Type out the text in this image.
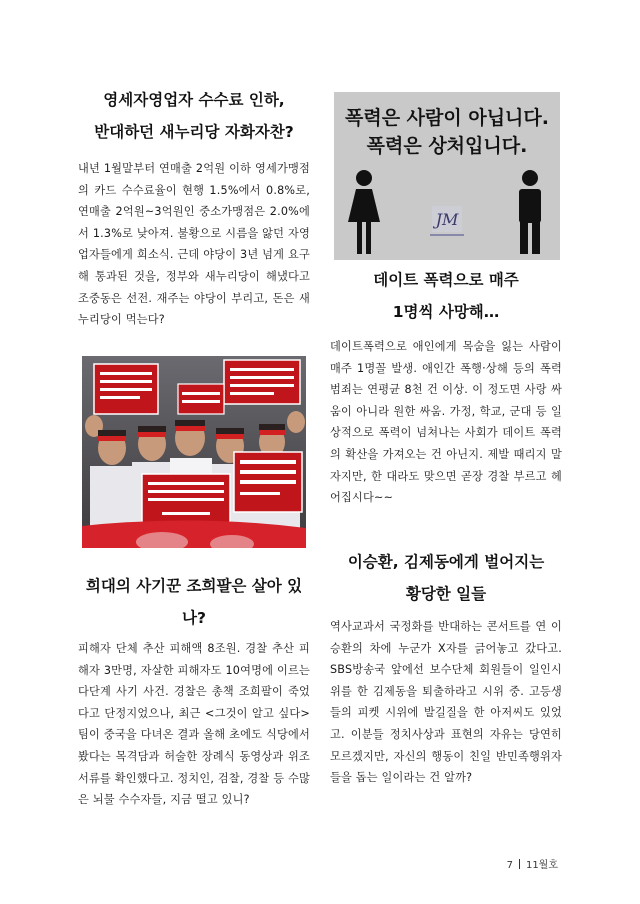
영세자영업자 수수료 인하,
반대하던 새누리당 자화자찬?

내년 1월말부터 연매출 2억원 이하 영세가맹점의 카드 수수료율이 현행 1.5%에서 0.8%로, 연매출 2억원~3억원인 중소가맹점은 2.0%에서 1.3%로 낮아져. 불황으로 시름을 앓던 자영업자들에게 희소식. 근데 야당이 3년 넘게 요구해 통과된 것을, 정부와 새누리당이 해냈다고 조중동은 선전. 재주는 야당이 부리고, 돈은 새누리당이 먹는다?

희대의 사기꾼 조희팔은 살아 있나?

피해자 단체 추산 피해액 8조원. 경찰 추산 피해자 3만명, 자살한 피해자도 10여명에 이르는 다단계 사기 사건. 경찰은 총책 조희팔이 죽었다고 단정지었으나, 최근 <그것이 알고 싶다>팀이 중국을 다녀온 결과 올해 초에도 식당에서 봤다는 목격담과 허술한 장례식 동영상과 위조서류를 확인했다고. 정치인, 검찰, 경찰 등 수많은 뇌물 수수자들, 지금 떨고 있니?

폭력은 사람이 아닙니다.
폭력은 상처입니다.
JM
데이트 폭력으로 매주
1명씩 사망해…

데이트폭력으로 애인에게 목숨을 잃는 사람이 매주 1명꼴 발생. 애인간 폭행·상해 등의 폭력범죄는 연평균 8천 건 이상. 이 정도면 사랑 싸움이 아니라 원한 싸움. 가정, 학교, 군대 등 일상적으로 폭력이 넘쳐나는 사회가 데이트 폭력의 확산을 가져오는 건 아닌지. 제발 때리지 말자지만, 한 대라도 맞으면 곧장 경찰 부르고 헤어집시다~~

이승환, 김제동에게 벌어지는
황당한 일들

역사교과서 국정화를 반대하는 콘서트를 연 이승환의 차에 누군가 X자를 긁어놓고 갔다고. SBS방송국 앞에선 보수단체 회원들이 일인시위를 한 김제동을 퇴출하라고 시위 중. 고등생들의 피켓 시위에 발길질을 한 아저씨도 있었고. 이분들 정치사상과 표현의 자유는 당연히 모르겠지만, 자신의 행동이 친일 반민족행위자들을 돕는 일이라는 건 알까?

7 11월호
